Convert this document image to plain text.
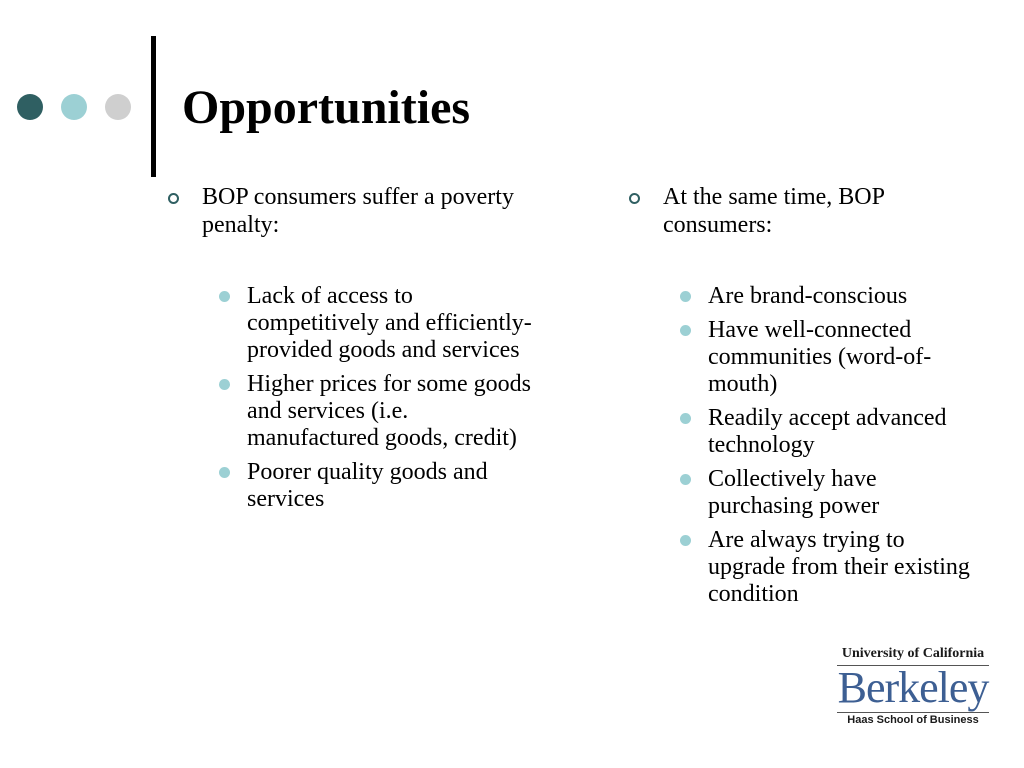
Opportunities
BOP consumers suffer a poverty penalty:
Lack of access to competitively and efficiently-provided goods and services
Higher prices for some goods and services (i.e. manufactured goods, credit)
Poorer quality goods and services
At the same time, BOP consumers:
Are brand-conscious
Have well-connected communities (word-of-mouth)
Readily accept advanced technology
Collectively have purchasing power
Are always trying to upgrade from their existing condition
University of California
Berkeley
Haas School of Business
